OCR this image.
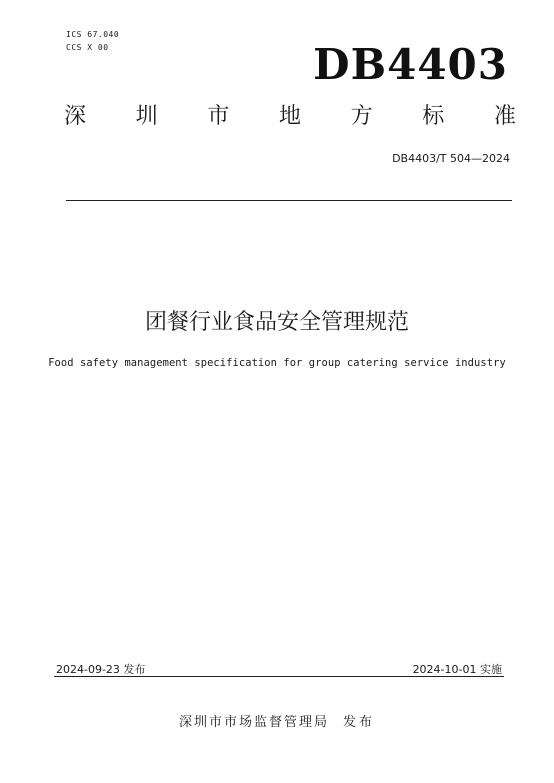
ICS 67.040
CCS X 00	DB4403
深 圳 市 地 方 标 准
DB4403/T 504—2024
团餐行业食品安全管理规范
Food safety management specification for group catering service industry
2024-09-23 发布	2024-10-01 实施
深圳市市场监督管理局 发布
